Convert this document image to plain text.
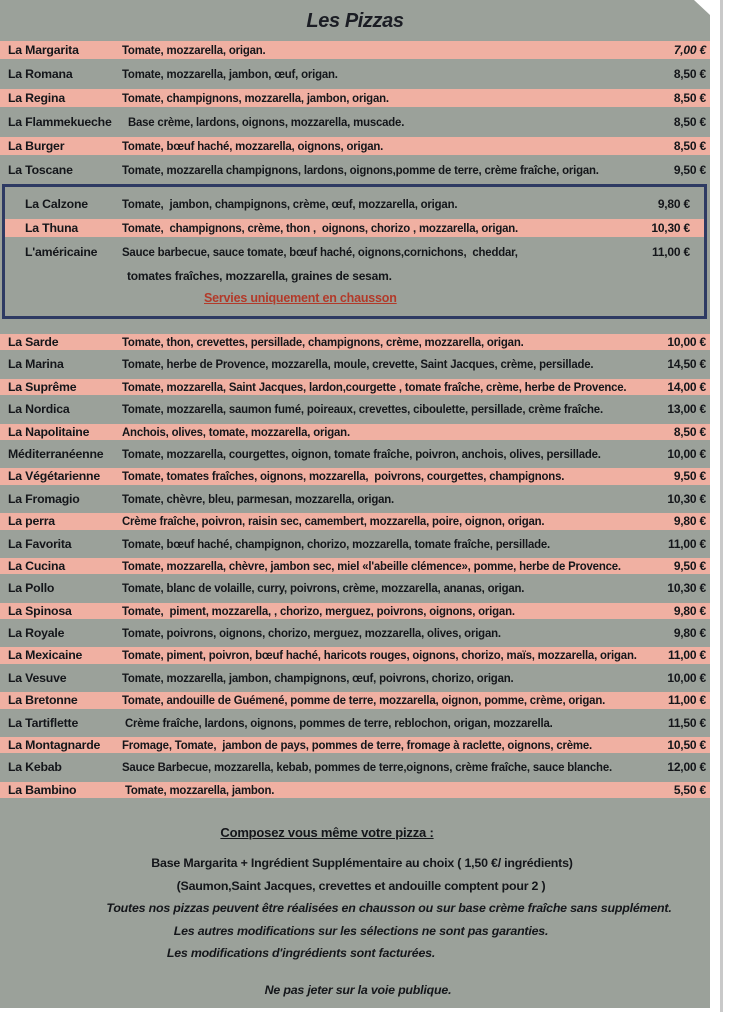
Les Pizzas
La Margarita	Tomate, mozzarella, origan.	7,00 €
La Romana	Tomate, mozzarella, jambon, œuf, origan.	8,50 €
La Regina	Tomate, champignons, mozzarella, jambon, origan.	8,50 €
La Flammekueche Base crème, lardons, oignons, mozzarella, muscade.	8,50 €
La Burger	Tomate, bœuf haché, mozzarella, oignons, origan.	8,50 €
La Toscane	Tomate, mozzarella champignons, lardons, oignons,pomme de terre, crème fraîche, origan.	9,50 €
La Calzone	Tomate,  jambon, champignons, crème, œuf, mozzarella, origan.	9,80 €
La Thuna	Tomate,  champignons, crème, thon ,  oignons, chorizo , mozzarella, origan.	10,30 €
L'américaine	Sauce barbecue, sauce tomate, bœuf haché, oignons,cornichons,  cheddar,	11,00 €
tomates fraîches, mozzarella, graines de sesam.
Servies uniquement en chausson
La Sarde	Tomate, thon, crevettes, persillade, champignons, crème, mozzarella, origan.	10,00 €
La Marina	Tomate, herbe de Provence, mozzarella, moule, crevette, Saint Jacques, crème, persillade.	14,50 €
La Suprême	Tomate, mozzarella, Saint Jacques, lardon,courgette , tomate fraîche, crème, herbe de Provence.	14,00 €
La Nordica	Tomate, mozzarella, saumon fumé, poireaux, crevettes, ciboulette, persillade, crème fraîche.	13,00 €
La Napolitaine	Anchois, olives, tomate, mozzarella, origan.	8,50 €
Méditerranéenne	Tomate, mozzarella, courgettes, oignon, tomate fraîche, poivron, anchois, olives, persillade.	10,00 €
La Végétarienne	Tomate, tomates fraîches, oignons, mozzarella,  poivrons, courgettes, champignons.	9,50 €
La Fromagio	Tomate, chèvre, bleu, parmesan, mozzarella, origan.	10,30 €
La perra	Crème fraîche, poivron, raisin sec, camembert, mozzarella, poire, oignon, origan.	9,80 €
La Favorita	Tomate, bœuf haché, champignon, chorizo, mozzarella, tomate fraîche, persillade.	11,00 €
La Cucina	Tomate, mozzarella, chèvre, jambon sec, miel «l'abeille clémence», pomme, herbe de Provence.	9,50 €
La Pollo	Tomate, blanc de volaille, curry, poivrons, crème, mozzarella, ananas, origan.	10,30 €
La Spinosa	Tomate,  piment, mozzarella, , chorizo, merguez, poivrons, oignons, origan.	9,80 €
La Royale	Tomate, poivrons, oignons, chorizo, merguez, mozzarella, olives, origan.	9,80 €
La Mexicaine	Tomate, piment, poivron, bœuf haché, haricots rouges, oignons, chorizo, maïs, mozzarella, origan.	11,00 €
La Vesuve	Tomate, mozzarella, jambon, champignons, œuf, poivrons, chorizo, origan.	10,00 €
La Bretonne	Tomate, andouille de Guémené, pomme de terre, mozzarella, oignon, pomme, crème, origan.	11,00 €
La Tartiflette	Crème fraîche, lardons, oignons, pommes de terre, reblochon, origan, mozzarella.	11,50 €
La Montagnarde	Fromage, Tomate,  jambon de pays, pommes de terre, fromage à raclette, oignons, crème.	10,50 €
La Kebab	Sauce Barbecue, mozzarella, kebab, pommes de terre,oignons, crème fraîche, sauce blanche.	12,00 €
La Bambino	Tomate, mozzarella, jambon.	5,50 €
Composez vous même votre pizza :
Base Margarita + Ingrédient Supplémentaire au choix ( 1,50 €/ ingrédients)
(Saumon,Saint Jacques, crevettes et andouille comptent pour 2 )
Toutes nos pizzas peuvent être réalisées en chausson ou sur base crème fraîche sans supplément.
Les autres modifications sur les sélections ne sont pas garanties.
Les modifications d'ingrédients sont facturées.
Ne pas jeter sur la voie publique.
